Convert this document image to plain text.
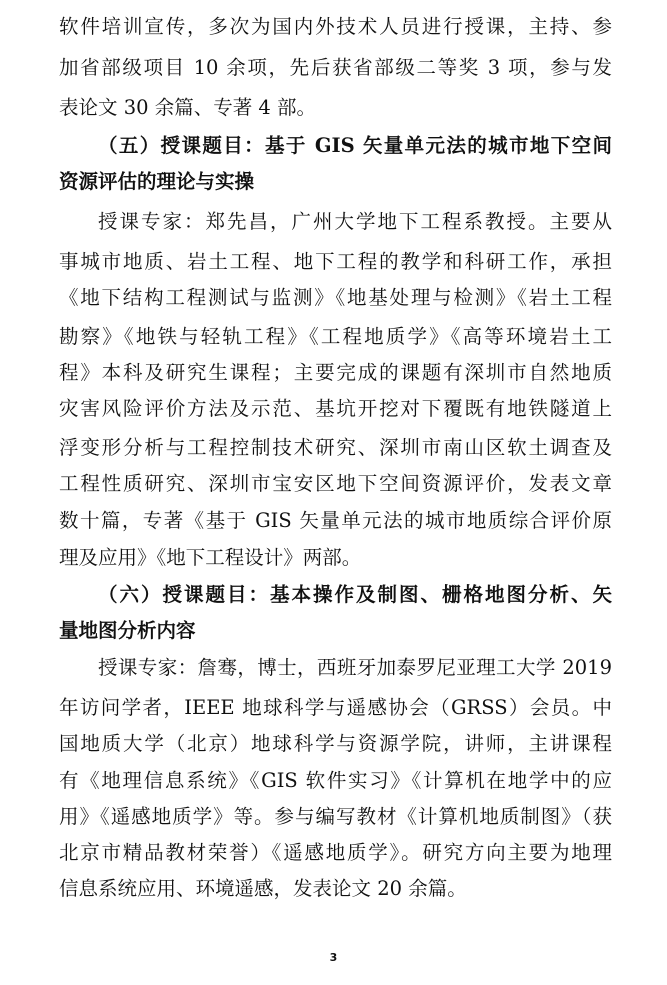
软件培训宣传，多次为国内外技术人员进行授课，主持、参
加省部级项目 10 余项，先后获省部级二等奖 3 项，参与发
表论文 30 余篇、专著 4 部。
（五）授课题目：基于 GIS 矢量单元法的城市地下空间
资源评估的理论与实操
授课专家：郑先昌，广州大学地下工程系教授。主要从
事城市地质、岩土工程、地下工程的教学和科研工作，承担
《地下结构工程测试与监测》《地基处理与检测》《岩土工程
勘察》《地铁与轻轨工程》《工程地质学》《高等环境岩土工
程》本科及研究生课程；主要完成的课题有深圳市自然地质
灾害风险评价方法及示范、基坑开挖对下覆既有地铁隧道上
浮变形分析与工程控制技术研究、深圳市南山区软土调查及
工程性质研究、深圳市宝安区地下空间资源评价，发表文章
数十篇，专著《基于 GIS 矢量单元法的城市地质综合评价原
理及应用》《地下工程设计》两部。
（六）授课题目：基本操作及制图、栅格地图分析、矢
量地图分析内容
授课专家：詹骞，博士，西班牙加泰罗尼亚理工大学 2019
年访问学者，IEEE 地球科学与遥感协会（GRSS）会员。中
国地质大学（北京）地球科学与资源学院，讲师，主讲课程
有《地理信息系统》《GIS 软件实习》《计算机在地学中的应
用》《遥感地质学》等。参与编写教材《计算机地质制图》（获
北京市精品教材荣誉）《遥感地质学》。研究方向主要为地理
信息系统应用、环境遥感，发表论文 20 余篇。
3
